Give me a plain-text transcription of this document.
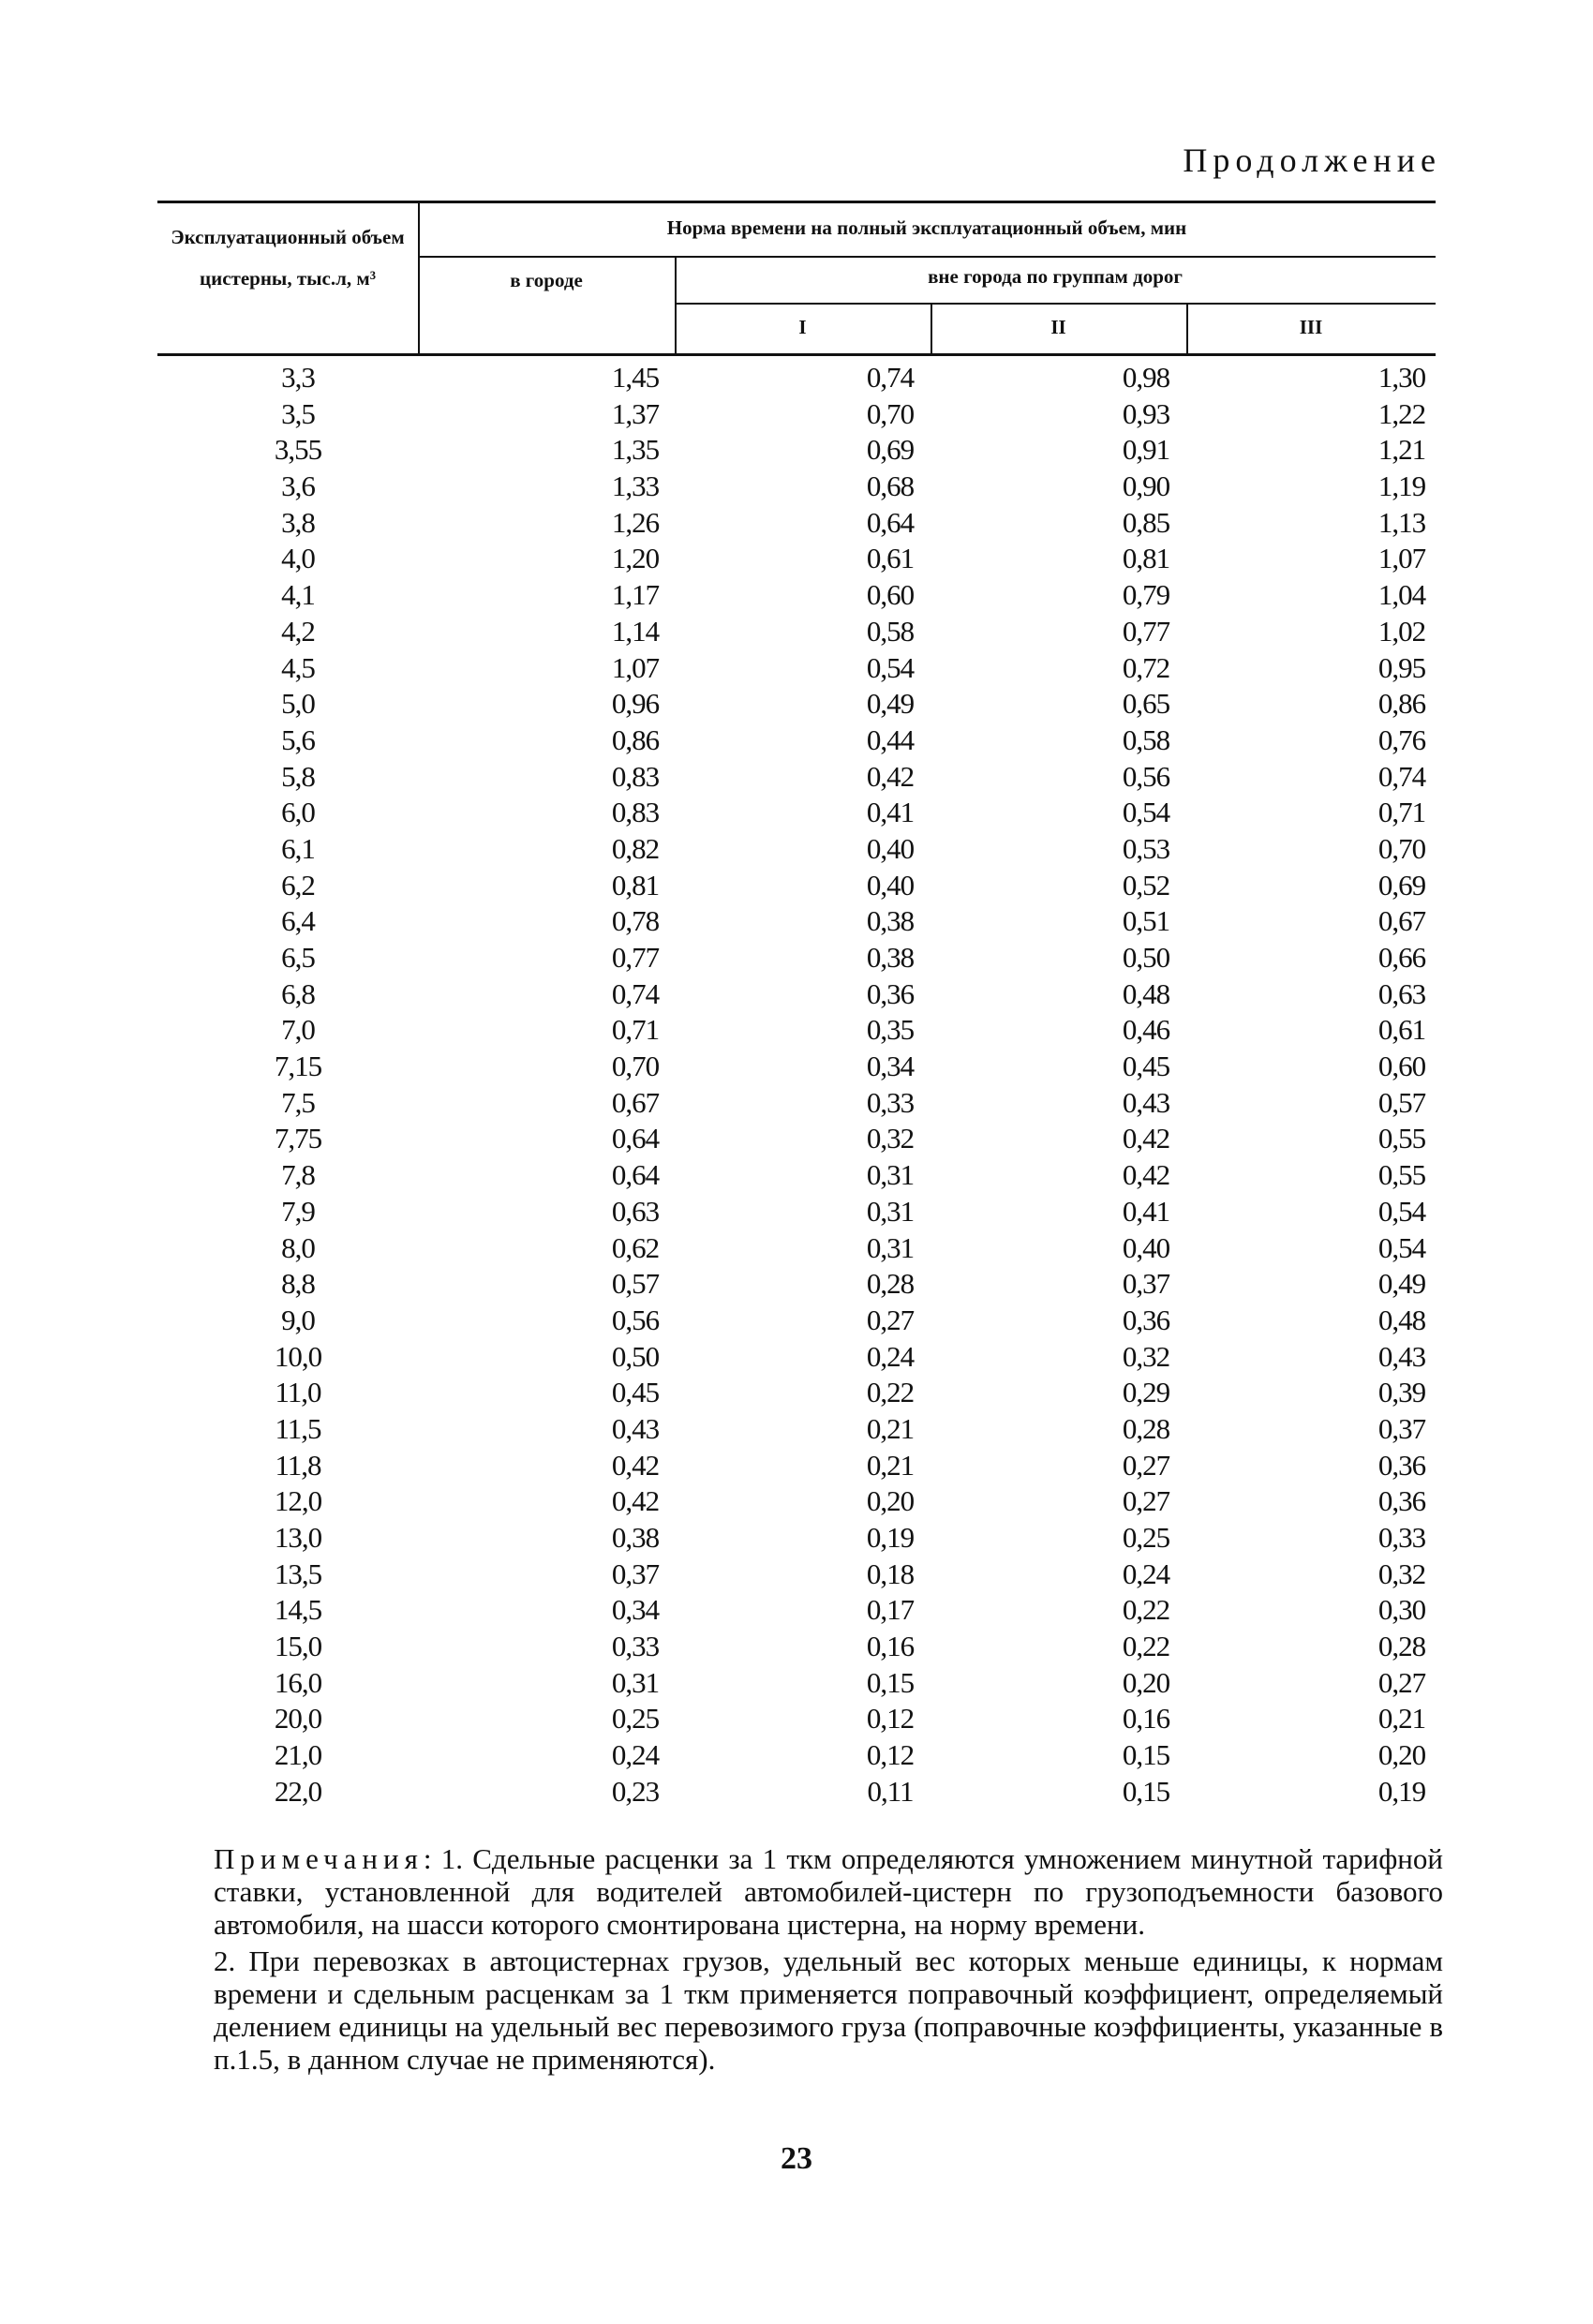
Продолжение
Эксплуатационный объем цистерны, тыс.л, м³
Норма времени на полный эксплуатационный объем, мин
в городе	вне города по группам дорог
I	II	III
3,3	1,45	0,74	0,98	1,30
3,5	1,37	0,70	0,93	1,22
3,55	1,35	0,69	0,91	1,21
3,6	1,33	0,68	0,90	1,19
3,8	1,26	0,64	0,85	1,13
4,0	1,20	0,61	0,81	1,07
4,1	1,17	0,60	0,79	1,04
4,2	1,14	0,58	0,77	1,02
4,5	1,07	0,54	0,72	0,95
5,0	0,96	0,49	0,65	0,86
5,6	0,86	0,44	0,58	0,76
5,8	0,83	0,42	0,56	0,74
6,0	0,83	0,41	0,54	0,71
6,1	0,82	0,40	0,53	0,70
6,2	0,81	0,40	0,52	0,69
6,4	0,78	0,38	0,51	0,67
6,5	0,77	0,38	0,50	0,66
6,8	0,74	0,36	0,48	0,63
7,0	0,71	0,35	0,46	0,61
7,15	0,70	0,34	0,45	0,60
7,5	0,67	0,33	0,43	0,57
7,75	0,64	0,32	0,42	0,55
7,8	0,64	0,31	0,42	0,55
7,9	0,63	0,31	0,41	0,54
8,0	0,62	0,31	0,40	0,54
8,8	0,57	0,28	0,37	0,49
9,0	0,56	0,27	0,36	0,48
10,0	0,50	0,24	0,32	0,43
11,0	0,45	0,22	0,29	0,39
11,5	0,43	0,21	0,28	0,37
11,8	0,42	0,21	0,27	0,36
12,0	0,42	0,20	0,27	0,36
13,0	0,38	0,19	0,25	0,33
13,5	0,37	0,18	0,24	0,32
14,5	0,34	0,17	0,22	0,30
15,0	0,33	0,16	0,22	0,28
16,0	0,31	0,15	0,20	0,27
20,0	0,25	0,12	0,16	0,21
21,0	0,24	0,12	0,15	0,20
22,0	0,23	0,11	0,15	0,19

Примечания: 1. Сдельные расценки за 1 ткм определяются умножением минутной тарифной ставки, установленной для водителей автомобилей-цистерн по грузоподъемности базового автомобиля, на шасси которого смонтирована цистерна, на норму времени.

2. При перевозках в автоцистернах грузов, удельный вес которых меньше единицы, к нормам времени и сдельным расценкам за 1 ткм применяется поправочный коэффициент, определяемый делением единицы на удельный вес перевозимого груза (поправочные коэффициенты, указанные в п.1.5, в данном случае не применяются).

23
